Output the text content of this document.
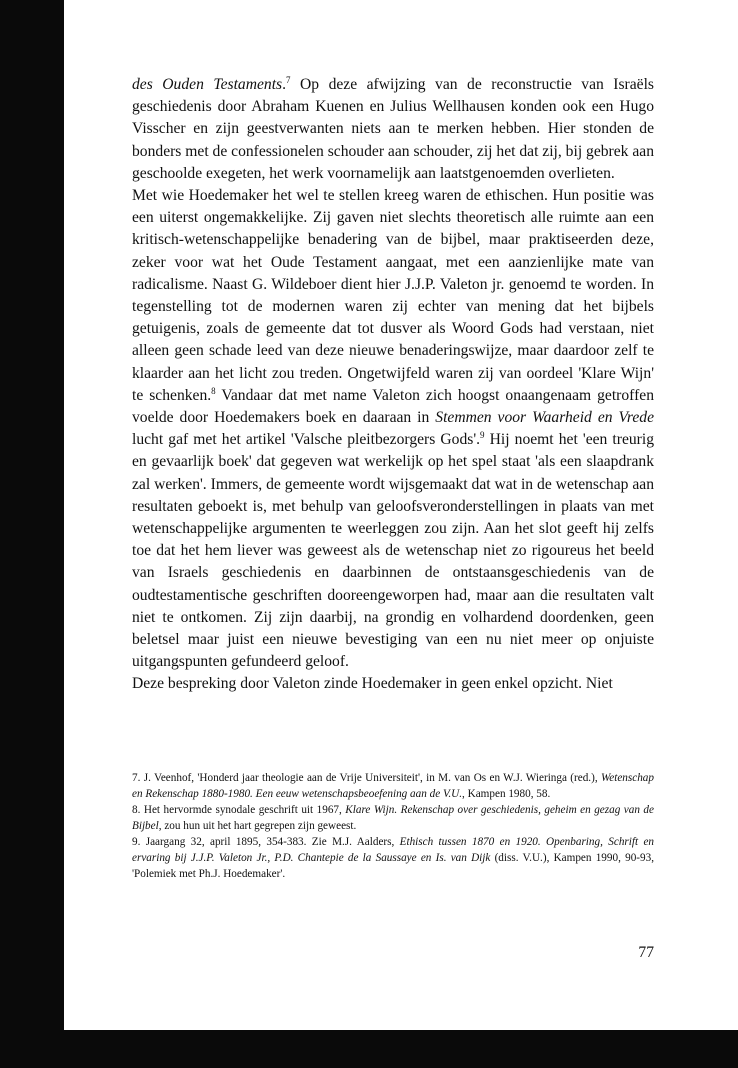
des Ouden Testaments.$^7$ Op deze afwijzing van de reconstructie van Israëls geschiedenis door Abraham Kuenen en Julius Wellhausen konden ook een Hugo Visscher en zijn geestverwanten niets aan te merken hebben. Hier stonden de bonders met de confessionelen schouder aan schouder, zij het dat zij, bij gebrek aan geschoolde exegeten, het werk voornamelijk aan laatstgenoemden overlieten.

Met wie Hoedemaker het wel te stellen kreeg waren de ethischen. Hun positie was een uiterst ongemakkelijke. Zij gaven niet slechts theoretisch alle ruimte aan een kritisch-wetenschappelijke benadering van de bijbel, maar praktiseerden deze, zeker voor wat het Oude Testament aangaat, met een aanzienlijke mate van radicalisme. Naast G. Wildeboer dient hier J.J.P. Valeton jr. genoemd te worden. In tegenstelling tot de modernen waren zij echter van mening dat het bijbels getuigenis, zoals de gemeente dat tot dusver als Woord Gods had verstaan, niet alleen geen schade leed van deze nieuwe benaderingswijze, maar daardoor zelf te klaarder aan het licht zou treden. Ongetwijfeld waren zij van oordeel 'Klare Wijn' te schenken.$^8$ Vandaar dat met name Valeton zich hoogst onaangenaam getroffen voelde door Hoedemakers boek en daaraan in Stemmen voor Waarheid en Vrede lucht gaf met het artikel 'Valsche pleitbezorgers Gods'.$^9$ Hij noemt het 'een treurig en gevaarlijk boek' dat gegeven wat werkelijk op het spel staat 'als een slaapdrank zal werken'. Immers, de gemeente wordt wijsgemaakt dat wat in de wetenschap aan resultaten geboekt is, met behulp van geloofsveronderstellingen in plaats van met wetenschappelijke argumenten te weerleggen zou zijn. Aan het slot geeft hij zelfs toe dat het hem liever was geweest als de wetenschap niet zo rigoureus het beeld van Israels geschiedenis en daarbinnen de ontstaansgeschiedenis van de oudtestamentische geschriften dooreengeworpen had, maar aan die resultaten valt niet te ontkomen. Zij zijn daarbij, na grondig en volhardend doordenken, geen beletsel maar juist een nieuwe bevestiging van een nu niet meer op onjuiste uitgangspunten gefundeerd geloof.

Deze bespreking door Valeton zinde Hoedemaker in geen enkel opzicht. Niet

7. J. Veenhof, 'Honderd jaar theologie aan de Vrije Universiteit', in M. van Os en W.J. Wieringa (red.), Wetenschap en Rekenschap 1880-1980. Een eeuw wetenschapsbeoefening aan de V.U., Kampen 1980, 58.

8. Het hervormde synodale geschrift uit 1967, Klare Wijn. Rekenschap over geschiedenis, geheim en gezag van de Bijbel, zou hun uit het hart gegrepen zijn geweest.

9. Jaargang 32, april 1895, 354-383. Zie M.J. Aalders, Ethisch tussen 1870 en 1920. Openbaring, Schrift en ervaring bij J.J.P. Valeton Jr., P.D. Chantepie de la Saussaye en Is. van Dijk (diss. V.U.), Kampen 1990, 90-93, 'Polemiek met Ph.J. Hoedemaker'.

77
